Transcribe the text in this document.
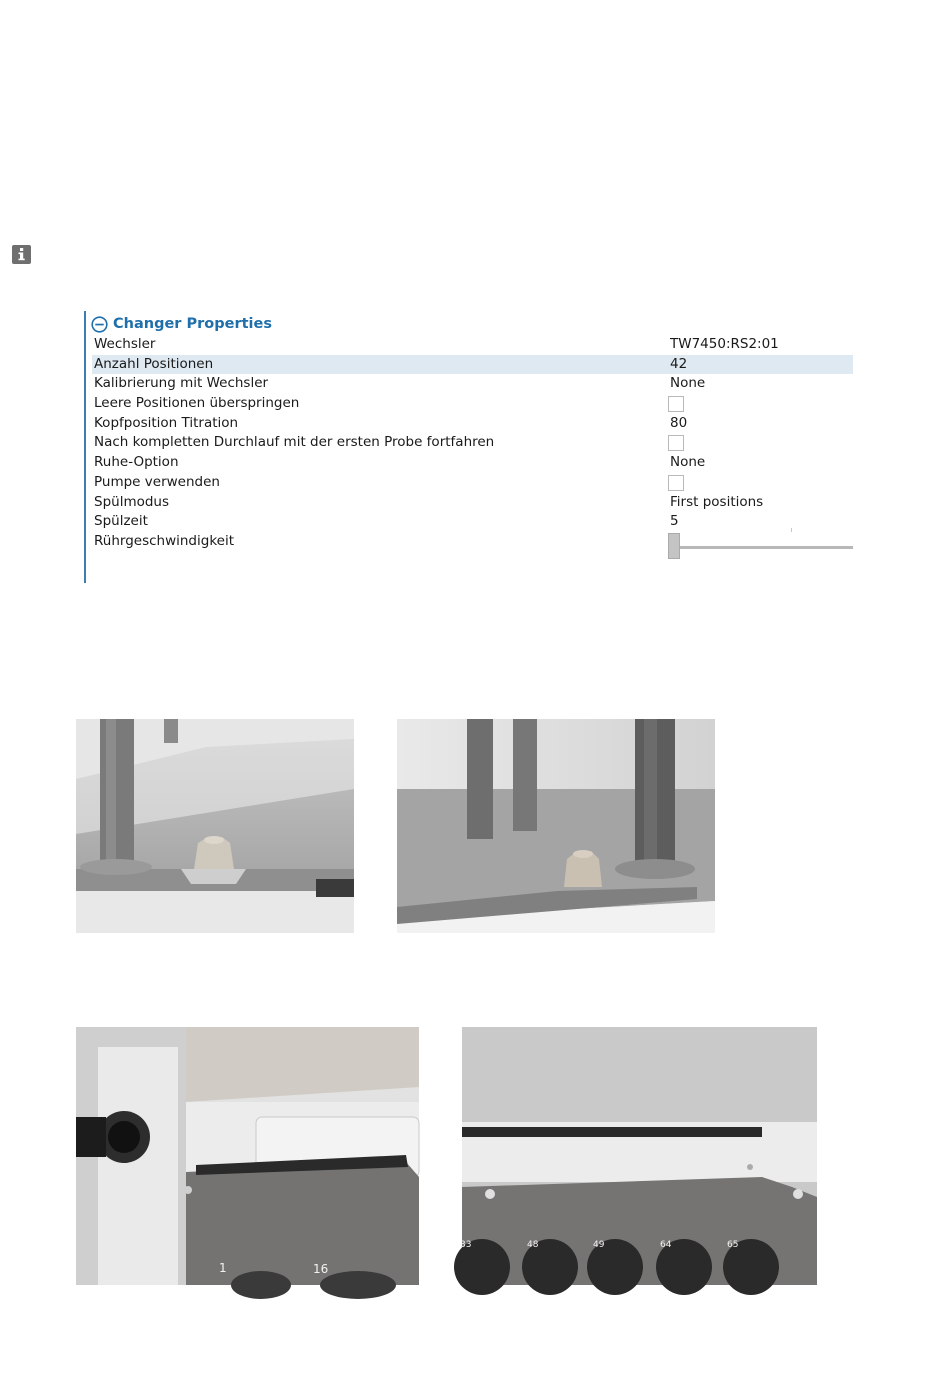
Changer Properties
Wechsler	TW7450:RS2:01
Anzahl Positionen	42
Kalibrierung mit Wechsler	None
Leere Positionen überspringen
Kopfposition Titration	80
Nach kompletten Durchlauf mit der ersten Probe fortfahren
Ruhe-Option	None
Pumpe verwenden
Spülmodus	First positions
Spülzeit	5
Rührgeschwindigkeit
1	16
33	48	49	64	65
